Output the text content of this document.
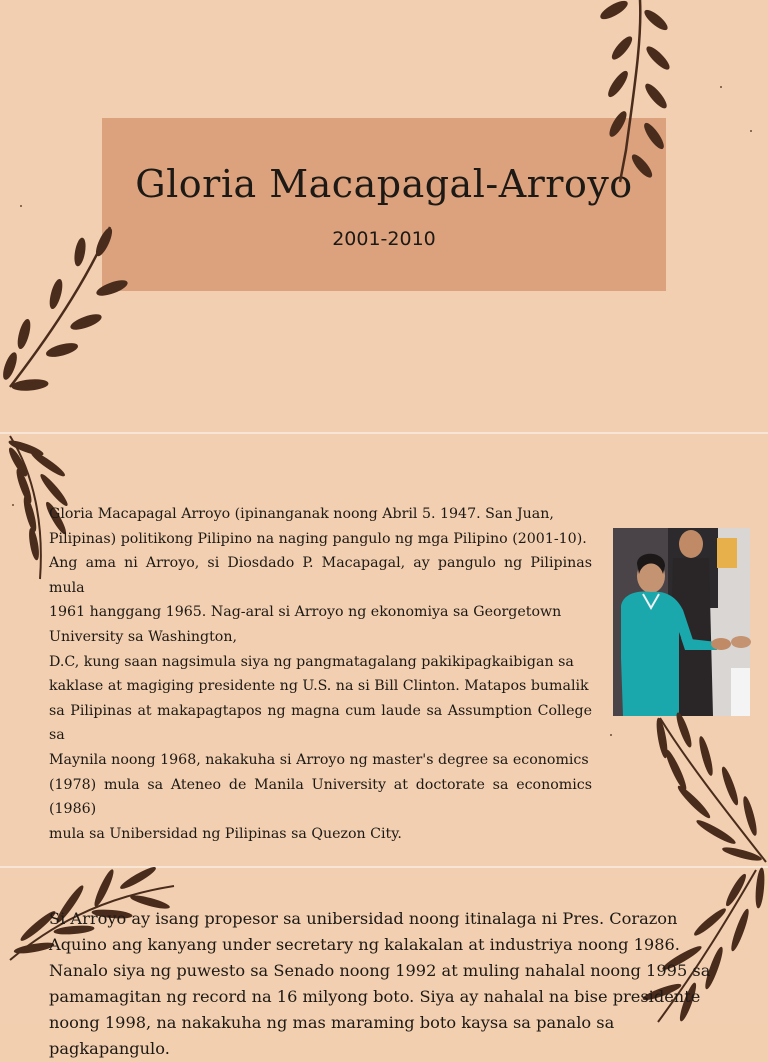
Gloria Macapagal-Arroyo
2001-2010
Gloria Macapagal Arroyo (ipinanganak noong Abril 5. 1947. San Juan,
Pilipinas) politikong Pilipino na naging pangulo ng mga Pilipino (2001-10).
Ang ama ni Arroyo, si Diosdado P. Macapagal, ay pangulo ng Pilipinas mula
1961 hanggang 1965. Nag-aral si Arroyo ng ekonomiya sa Georgetown
University sa Washington,
D.C, kung saan nagsimula siya ng pangmatagalang pakikipagkaibigan sa
kaklase at magiging presidente ng U.S. na si Bill Clinton. Matapos bumalik
sa Pilipinas at makapagtapos ng magna cum laude sa Assumption College sa
Maynila noong 1968, nakakuha si Arroyo ng master's degree sa economics
(1978) mula sa Ateneo de Manila University at doctorate sa economics (1986)
mula sa Unibersidad ng Pilipinas sa Quezon City.
Si Arroyo ay isang propesor sa unibersidad noong itinalaga ni Pres. Corazon Aquino ang kanyang under secretary ng kalakalan at industriya noong 1986. Nanalo siya ng puwesto sa Senado noong 1992 at muling nahalal noong 1995 sa pamamagitan ng record na 16 milyong boto. Siya ay nahalal na bise presidente noong 1998, na nakakuha ng mas maraming boto kaysa sa panalo sa pagkapangulo.
